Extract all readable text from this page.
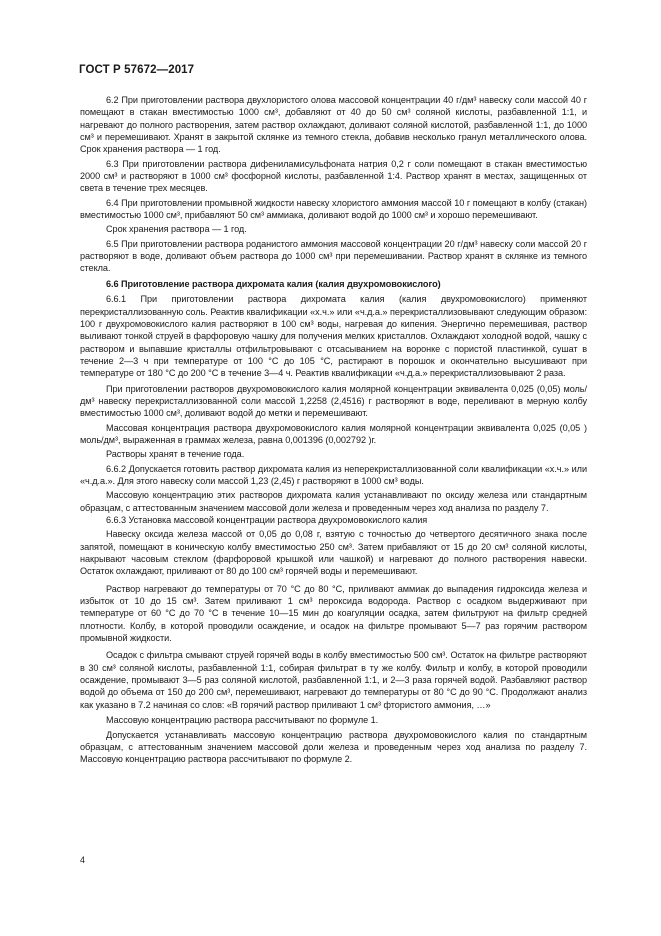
ГОСТ Р 57672—2017

6.2 При приготовлении раствора двухлористого олова массовой концентрации 40 г/дм³ навеску соли массой 40 г помещают в стакан вместимостью 1000 см³, добавляют от 40 до 50 см³ соляной кислоты, разбавленной 1:1, и нагревают до полного растворения, затем раствор охлаждают, доливают соляной кислотой, разбавленной 1:1, до 1000 см³ и перемешивают. Хранят в закрытой склянке из темного стекла, добавив несколько гранул металлического олова. Срок хранения раствора — 1 год.

6.3 При приготовлении раствора дифениламисульфоната натрия 0,2 г соли помещают в стакан вместимостью 2000 см³ и растворяют в 1000 см³ фосфорной кислоты, разбавленной 1:4. Раствор хранят в местах, защищенных от света в течение трех месяцев.

6.4 При приготовлении промывной жидкости навеску хлористого аммония массой 10 г помещают в колбу (стакан) вместимостью 1000 см³, прибавляют 50 см³ аммиака, доливают водой до 1000 см³ и хорошо перемешивают.

Срок хранения раствора — 1 год.

6.5 При приготовлении раствора роданистого аммония массовой концентрации 20 г/дм³ навеску соли массой 20 г растворяют в воде, доливают объем раствора до 1000 см³ при перемешивании. Раствор хранят в склянке из темного стекла.

6.6 Приготовление раствора дихромата калия (калия двухромовокислого)

6.6.1 При приготовлении раствора дихромата калия (калия двухромовокислого) применяют перекристаллизованную соль. Реактив квалификации «х.ч.» или «ч.д.а.» перекристаллизовывают следующим образом: 100 г двухромовокислого калия растворяют в 100 см³ воды, нагревая до кипения. Энергично перемешивая, раствор выливают тонкой струей в фарфоровую чашку для получения мелких кристаллов. Охлаждают холодной водой, чашку с раствором и выпавшие кристаллы отфильтровывают с отсасыванием на воронке с пористой пластинкой, сушат в течение 2—3 ч при температуре от 100 °С до 105 °С, растирают в порошок и окончательно высушивают при температуре от 180 °С до 200 °С в течение 3—4 ч. Реактив квалификации «ч.д.а.» перекристаллизовывают 2 раза.

При приготовлении растворов двухромовокислого калия молярной концентрации эквивалента 0,025 (0,05) моль/дм³ навеску перекристаллизованной соли массой 1,2258 (2,4516) г растворяют в воде, переливают в мерную колбу вместимостью 1000 см³, доливают водой до метки и перемешивают.

Массовая концентрация раствора двухромовокислого калия молярной концентрации эквивалента 0,025 (0,05 ) моль/дм³, выраженная в граммах железа, равна 0,001396 (0,002792 )г.

Растворы хранят в течение года.

6.6.2 Допускается готовить раствор дихромата калия из неперекристаллизованной соли квалификации «х.ч.» или «ч.д.а.». Для этого навеску соли массой 1,23 (2,45) г растворяют в 1000 см³ воды.

Массовую концентрацию этих растворов дихромата калия устанавливают по оксиду железа или стандартным образцам, с аттестованным значением массовой доли железа и проведенным через ход анализа по разделу 7.

6.6.3 Установка массовой концентрации раствора двухромовокислого калия

Навеску оксида железа массой от 0,05 до 0,08 г, взятую с точностью до четвертого десятичного знака после запятой, помещают в коническую колбу вместимостью 250 см³. Затем прибавляют от 15 до 20 см³ соляной кислоты, накрывают часовым стеклом (фарфоровой крышкой или чашкой) и нагревают до полного растворения навески. Остаток охлаждают, приливают от 80 до 100 см³ горячей воды и перемешивают.

Раствор нагревают до температуры от 70 °С до 80 °С, приливают аммиак до выпадения гидроксида железа и избыток от 10 до 15 см³. Затем приливают 1 см³ пероксида водорода. Раствор с осадком выдерживают при температуре от 60 °С до 70 °С в течение 10—15 мин до коагуляции осадка, затем фильтруют на фильтр средней плотности. Колбу, в которой проводили осаждение, и осадок на фильтре промывают 5—7 раз горячим раствором промывной жидкости.

Осадок с фильтра смывают струей горячей воды в колбу вместимостью 500 см³. Остаток на фильтре растворяют в 30 см³ соляной кислоты, разбавленной 1:1, собирая фильтрат в ту же колбу. Фильтр и колбу, в которой проводили осаждение, промывают 3—5 раз соляной кислотой, разбавленной 1:1, и 2—3 раза горячей водой. Разбавляют раствор водой до объема от 150 до 200 см³, перемешивают, нагревают до температуры от 80 °С до 90 °С. Продолжают анализ как указано в 7.2 начиная со слов: «В горячий раствор приливают 1 см³ фтористого аммония, …»

Массовую концентрацию раствора рассчитывают по формуле 1.

Допускается устанавливать массовую концентрацию раствора двухромовокислого калия по стандартным образцам, с аттестованным значением массовой доли железа и проведенным через ход анализа по разделу 7. Массовую концентрацию раствора рассчитывают по формуле 2.

4
